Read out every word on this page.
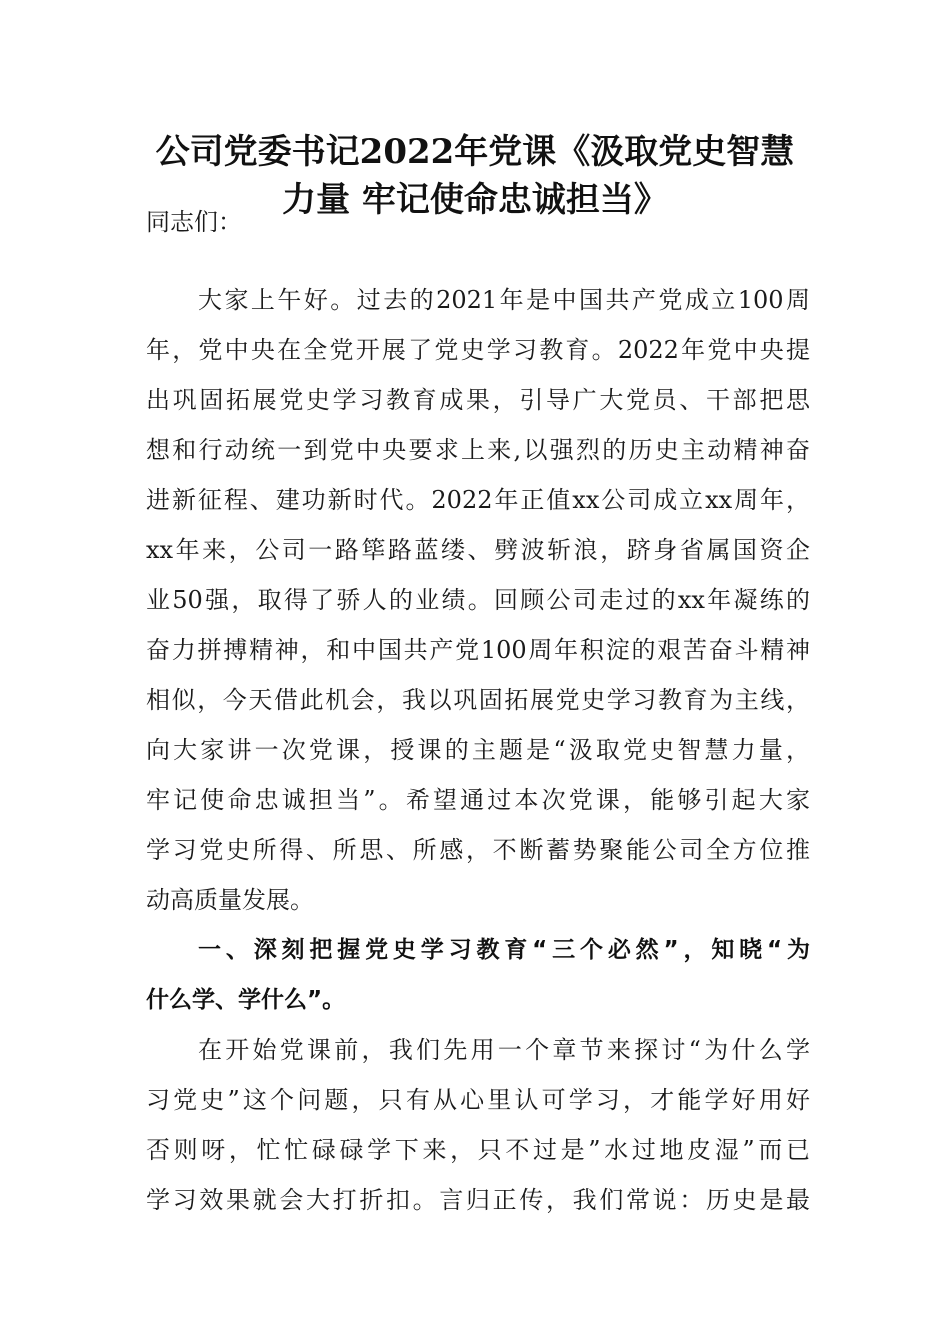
公司党委书记2022年党课《汲取党史智慧
力量 牢记使命忠诚担当》
同志们：
大家上午好。过去的2021年是中国共产党成立100周
年，党中央在全党开展了党史学习教育。2022年党中央提
出巩固拓展党史学习教育成果，引导广大党员、干部把思
想和行动统一到党中央要求上来,以强烈的历史主动精神奋
进新征程、建功新时代。2022年正值xx公司成立xx周年，
xx年来，公司一路筚路蓝缕、劈波斩浪，跻身省属国资企
业50强，取得了骄人的业绩。回顾公司走过的xx年凝练的
奋力拼搏精神，和中国共产党100周年积淀的艰苦奋斗精神
相似，今天借此机会，我以巩固拓展党史学习教育为主线，
向大家讲一次党课，授课的主题是“汲取党史智慧力量，
牢记使命忠诚担当”。希望通过本次党课，能够引起大家
学习党史所得、所思、所感，不断蓄势聚能公司全方位推
动高质量发展。
一、深刻把握党史学习教育“三个必然”，知晓“为
什么学、学什么”。
在开始党课前，我们先用一个章节来探讨“为什么学
习党史”这个问题，只有从心里认可学习，才能学好用好
否则呀，忙忙碌碌学下来，只不过是”水过地皮湿”而已
学习效果就会大打折扣。言归正传，我们常说：历史是最
